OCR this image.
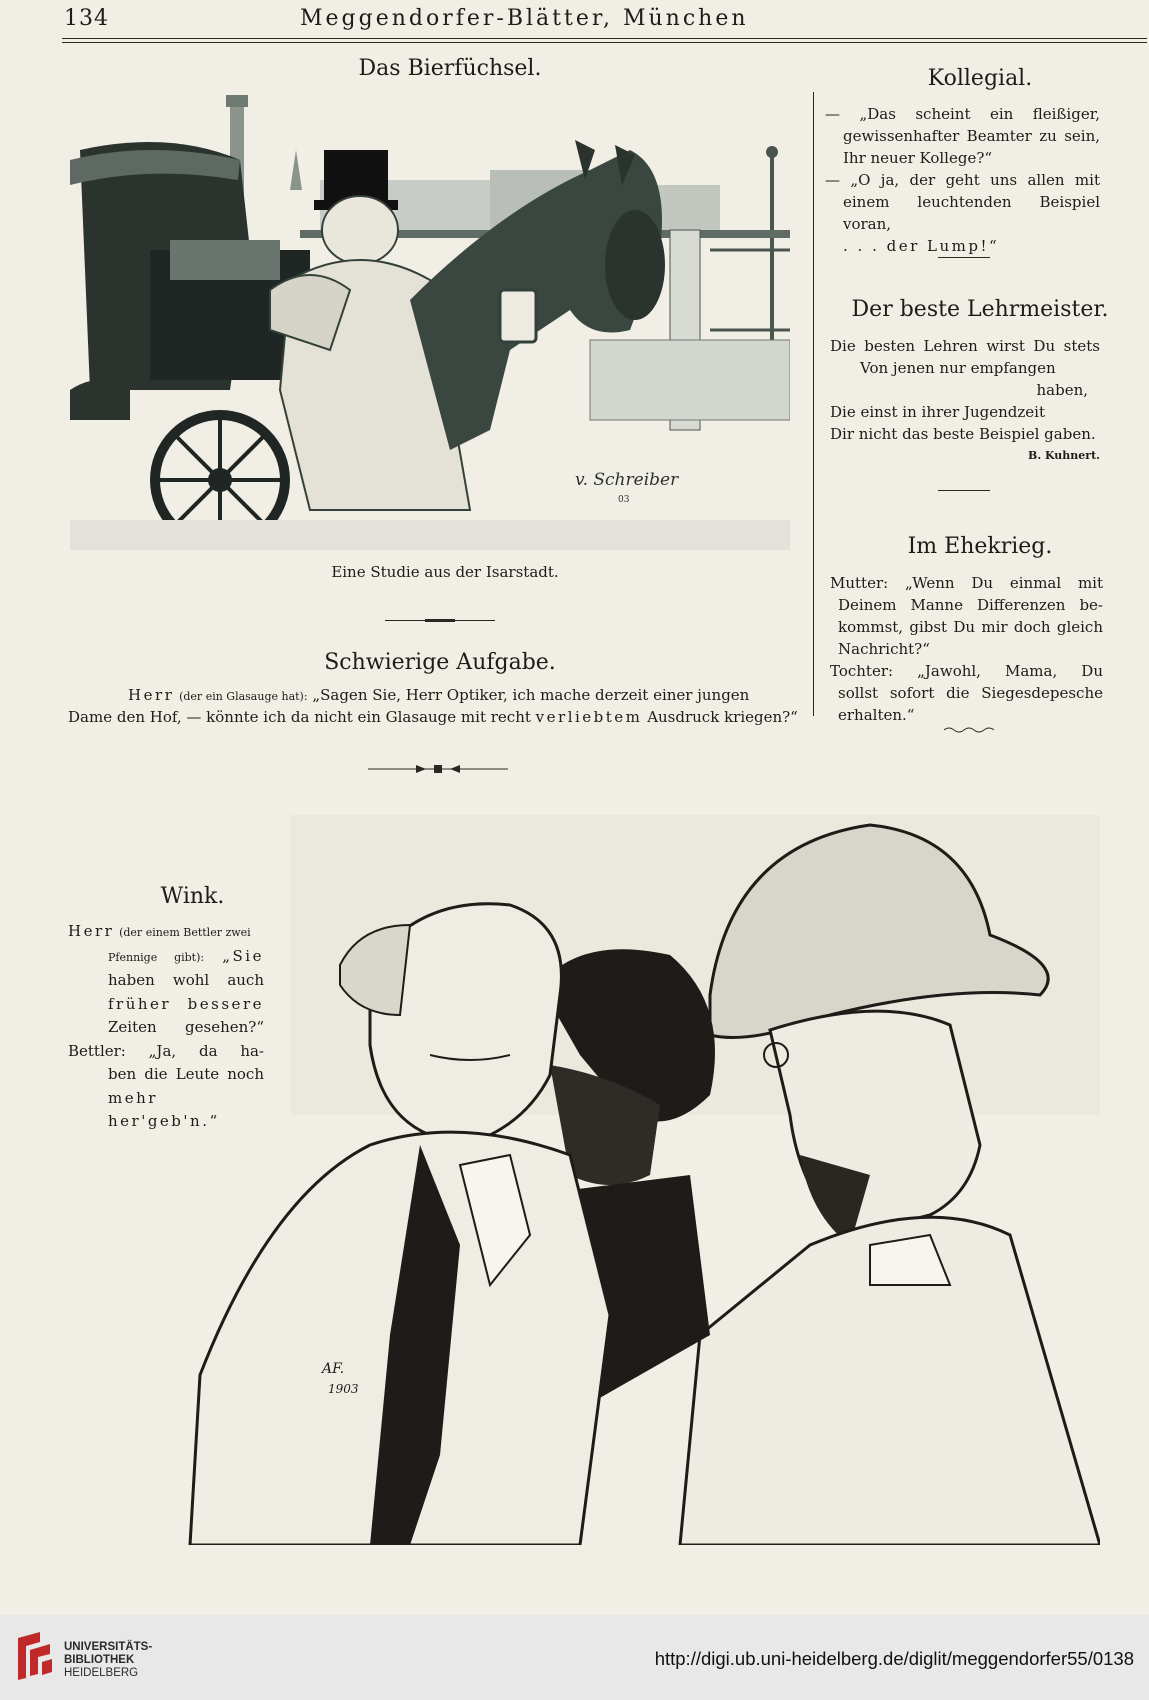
134	Meggendorfer-Blätter, München
Das Bierfüchsel.
v. Schreiber
03
Eine Studie aus der Isarstadt.
Schwierige Aufgabe.
Herr (der ein Glasauge hat): „Sagen Sie, Herr Optiker, ich mache derzeit einer jungen
Dame den Hof, — könnte ich da nicht ein Glasauge mit recht verliebtem Ausdruck kriegen?“
Kollegial.
— „Das scheint ein fleißiger,
gewissenhafter Beamter zu sein,
Ihr neuer Kollege?“
— „O ja, der geht uns allen mit
einem leuchtenden Beispiel voran,
. . . der Lump!“
Der beste Lehrmeister.
Die besten Lehren wirst Du stets
Von jenen nur empfangen
haben,
Die einst in ihrer Jugendzeit
Dir nicht das beste Beispiel gaben.
B. Kuhnert.
Im Ehekrieg.
Mutter: „Wenn Du einmal mit
Deinem Manne Differenzen be-
kommst, gibst Du mir doch gleich
Nachricht?“
Tochter: „Jawohl, Mama, Du
sollst sofort die Siegesdepesche
erhalten.“
Wink.
Herr (der einem Bettler zwei
Pfennige gibt): „Sie
haben wohl auch
früher bessere
Zeiten gesehen?“
Bettler: „Ja, da ha-
ben die Leute noch
mehr her'geb'n.“
AF.
1903
UNIVERSITÄTS-
BIBLIOTHEK
HEIDELBERG
http://digi.ub.uni-heidelberg.de/diglit/meggendorfer55/0138
